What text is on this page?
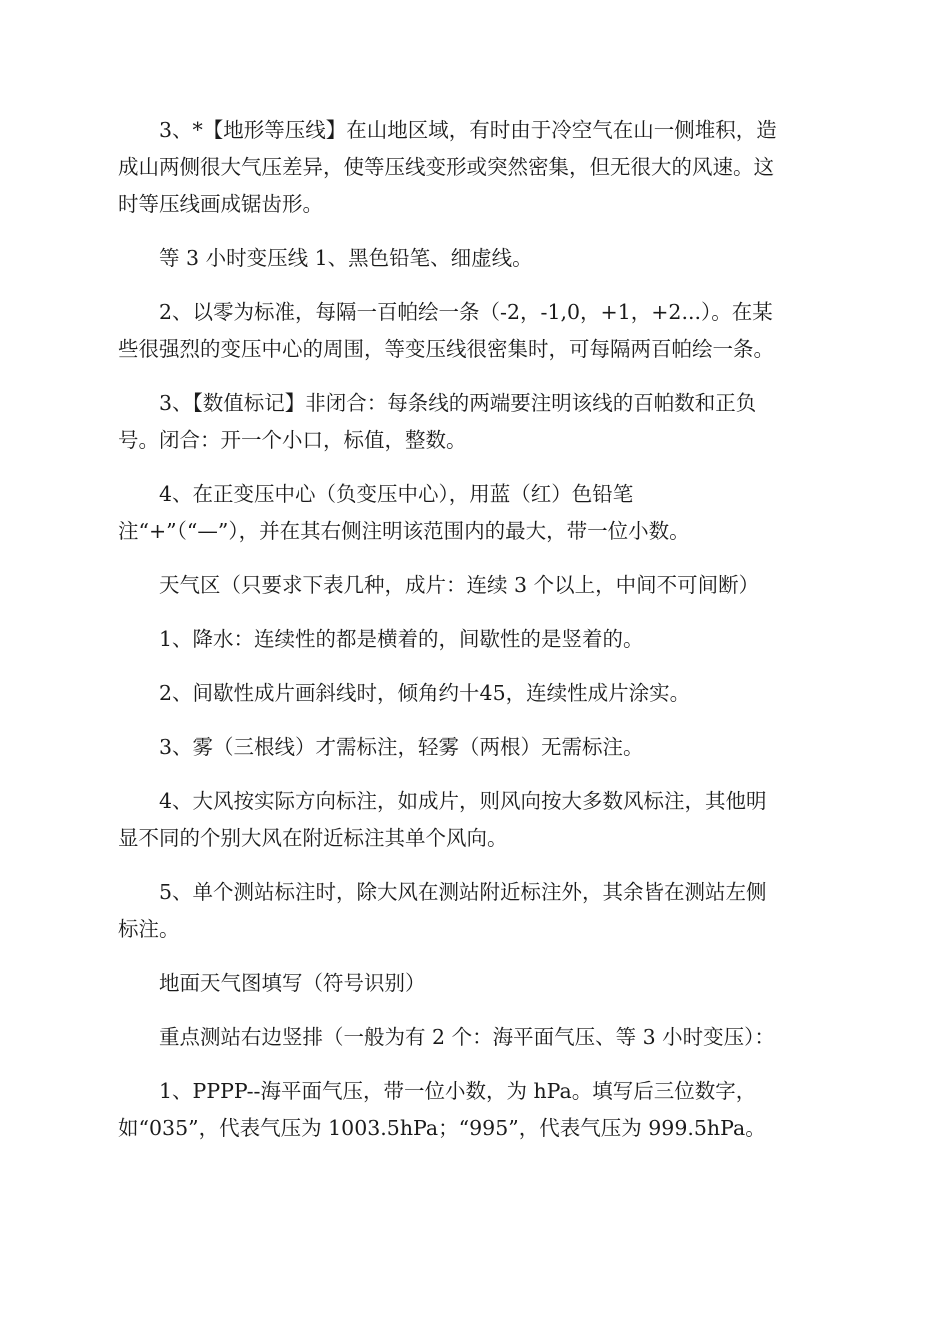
3、*【地形等压线】在山地区域，有时由于冷空气在山一侧堆积，造
成山两侧很大气压差异，使等压线变形或突然密集，但无很大的风速。这
时等压线画成锯齿形。

等 3 小时变压线 1、黑色铅笔、细虚线。

2、以零为标准，每隔一百帕绘一条（-2，-1,0，+1，+2...）。在某
些很强烈的变压中心的周围，等变压线很密集时，可每隔两百帕绘一条。

3、【数值标记】非闭合：每条线的两端要注明该线的百帕数和正负
号。闭合：开一个小口，标值，整数。

4、在正变压中心（负变压中心），用蓝（红）色铅笔
注“+”（“—”），并在其右侧注明该范围内的最大，带一位小数。

天气区（只要求下表几种，成片：连续 3 个以上，中间不可间断）

1、降水：连续性的都是横着的，间歇性的是竖着的。

2、间歇性成片画斜线时，倾角约〸45，连续性成片涂实。

3、雾（三根线）才需标注，轻雾（两根）无需标注。

4、大风按实际方向标注，如成片，则风向按大多数风标注，其他明
显不同的个别大风在附近标注其单个风向。

5、单个测站标注时，除大风在测站附近标注外，其余皆在测站左侧
标注。

地面天气图填写（符号识别）

重点测站右边竖排（一般为有 2 个：海平面气压、等 3 小时变压）：

1、PPPP--海平面气压，带一位小数，为 hPa。填写后三位数字，
如“035”，代表气压为 1003.5hPa；“995”，代表气压为 999.5hPa。
